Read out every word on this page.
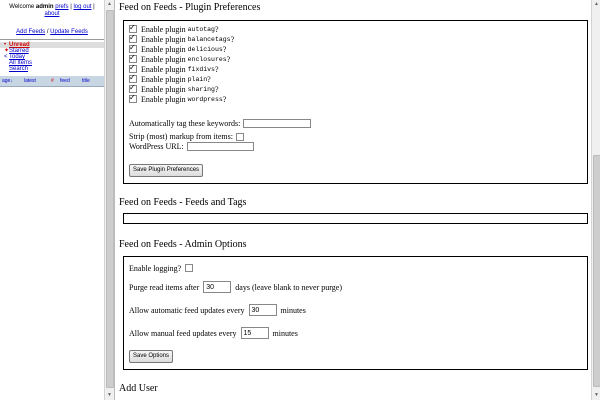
Welcome admin prefs | log out |
about
Add Feeds / Update Feeds
• Unread
✦ Starred
< Today
All Items
Search
age↓ latest	# feed title
▲
▼
Feed on Feeds - Plugin Preferences
✓
Enable plugin autotag ?
✓
Enable plugin balancetags ?
✓
Enable plugin delicious ?
✓
Enable plugin enclosures ?
✓
Enable plugin fixdivs ?
✓
Enable plugin plain ?
✓
Enable plugin sharing ?
✓
Enable plugin wordpress ?
Automatically tag these keywords:
Strip (most) markup from items:
WordPress URL:
Save Plugin Preferences
Feed on Feeds - Feeds and Tags
Feed on Feeds - Admin Options
Enable logging?
Purge read items after	30	days (leave blank to never purge)
Allow automatic feed updates every	30	minutes
Allow manual feed updates every	15	minutes
Save Options
Add User
▲
▼
